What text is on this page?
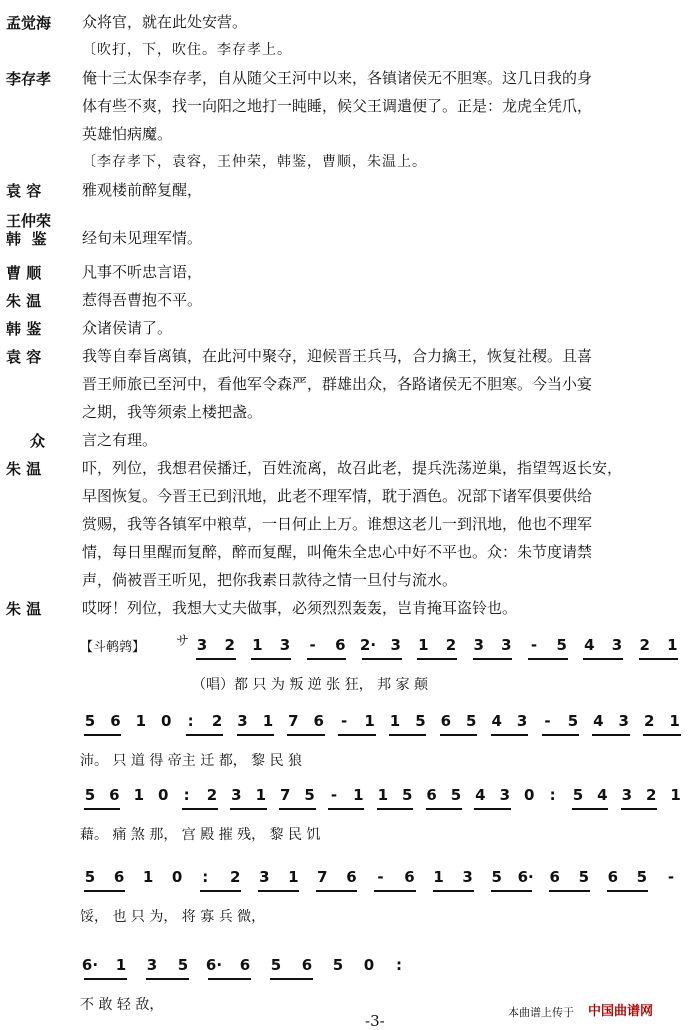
孟觉海	众将官，就在此处安营。
〔吹打，下，吹住。李存孝上。
李存孝	俺十三太保李存孝，自从随父王河中以来，各镇诸侯无不胆寒。这几日我的身
体有些不爽，找一向阳之地打一盹睡，候父王调遣便了。正是：龙虎全凭爪，
英雄怕病魔。
〔李存孝下，袁容，王仲荣，韩鉴，曹顺，朱温上。
袁 容	雅观楼前醉复醒，
王仲荣
韩  鉴	经旬未见理军情。
曹 顺	凡事不听忠言语，
朱 温	惹得吾曹抱不平。
韩 鉴	众诸侯请了。
袁 容	我等自奉旨离镇，在此河中聚夺，迎候晋王兵马，合力擒王，恢复社稷。且喜
晋王师旅已至河中，看他军令森严，群雄出众，各路诸侯无不胆寒。今当小宴
之期，我等须索上楼把盏。
众	言之有理。
朱 温	吓，列位，我想君侯播迁，百姓流离，故召此老，提兵洗荡逆巢，指望驾返长安，
早图恢复。今晋王已到汛地，此老不理军情，耽于酒色。况部下诸军俱要供给
赏赐，我等各镇军中粮草，一日何止上万。谁想这老儿一到汛地，他也不理军
情，每日里醒而复醉，醉而复醒，叫俺朱全忠心中好不平也。众：朱节度请禁
声，倘被晋王听见，把你我素日款待之情一旦付与流水。
朱 温	哎呀！列位，我想大丈夫做事，必须烈烈轰轰，岂肯掩耳盗铃也。
【斗鹌鹑】 サ 3	2	1	3	-	6 2· 3	1	2	3	3	-	5	4	3	2	1
（唱）都 只 为 叛 逆 张 狂， 邦 家 颠
5 6 1 0	:	2 3 1 7 6	-	1 1 5 6 5 4 3	-	5 4 3 2 1
沛。 只 道 得 帝主 迁 都， 黎 民 狼
5 6 1 0	:	2 3 1 7 5	-	1 1 5 6 5 4 3 0	:	5 4 3 2 1
藉。 痛 煞 那， 宫 殿 摧 残， 黎 民 饥
5	6	1	0	:	2	3	1	7	6	-	6	1	3	5	6·	6	5	6	5	-
馁， 也 只 为， 将 寡 兵 微，
6·	1	3	5	6·	6	5	6	5	0	:
不 敢 轻 敌，
-3-	本曲谱上传于 中国曲谱网
